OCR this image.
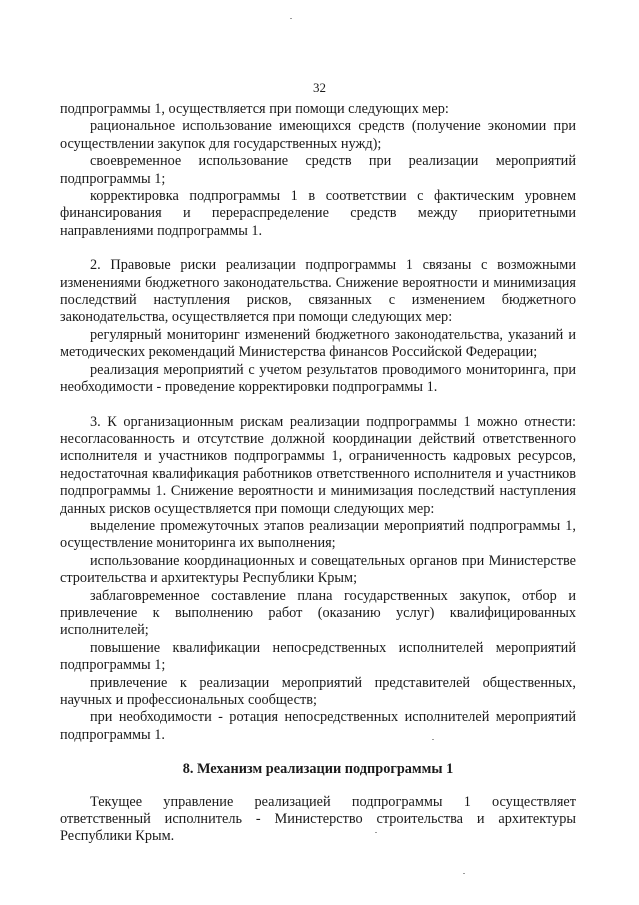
32

подпрограммы 1, осуществляется при помощи следующих мер:

рациональное использование имеющихся средств (получение экономии при осуществлении закупок для государственных нужд);

своевременное использование средств при реализации мероприятий подпрограммы 1;

корректировка подпрограммы 1 в соответствии с фактическим уровнем финансирования и перераспределение средств между приоритетными направлениями подпрограммы 1.

2. Правовые риски реализации подпрограммы 1 связаны с возможными изменениями бюджетного законодательства. Снижение вероятности и минимизация последствий наступления рисков, связанных с изменением бюджетного законодательства, осуществляется при помощи следующих мер:

регулярный мониторинг изменений бюджетного законодательства, указаний и методических рекомендаций Министерства финансов Российской Федерации;

реализация мероприятий с учетом результатов проводимого мониторинга, при необходимости - проведение корректировки подпрограммы 1.

3. К организационным рискам реализации подпрограммы 1 можно отнести: несогласованность и отсутствие должной координации действий ответственного исполнителя и участников подпрограммы 1, ограниченность кадровых ресурсов, недостаточная квалификация работников ответственного исполнителя и участников подпрограммы 1. Снижение вероятности и минимизация последствий наступления данных рисков осуществляется при помощи следующих мер:

выделение промежуточных этапов реализации мероприятий подпрограммы 1, осуществление мониторинга их выполнения;

использование координационных и совещательных органов при Министерстве строительства и архитектуры Республики Крым;

заблаговременное составление плана государственных закупок, отбор и привлечение к выполнению работ (оказанию услуг) квалифицированных исполнителей;

повышение квалификации непосредственных исполнителей мероприятий подпрограммы 1;

привлечение к реализации мероприятий представителей общественных, научных и профессиональных сообществ;

при необходимости - ротация непосредственных исполнителей мероприятий подпрограммы 1.

8. Механизм реализации подпрограммы 1

Текущее управление реализацией подпрограммы 1 осуществляет ответственный исполнитель - Министерство строительства и архитектуры Республики Крым.
